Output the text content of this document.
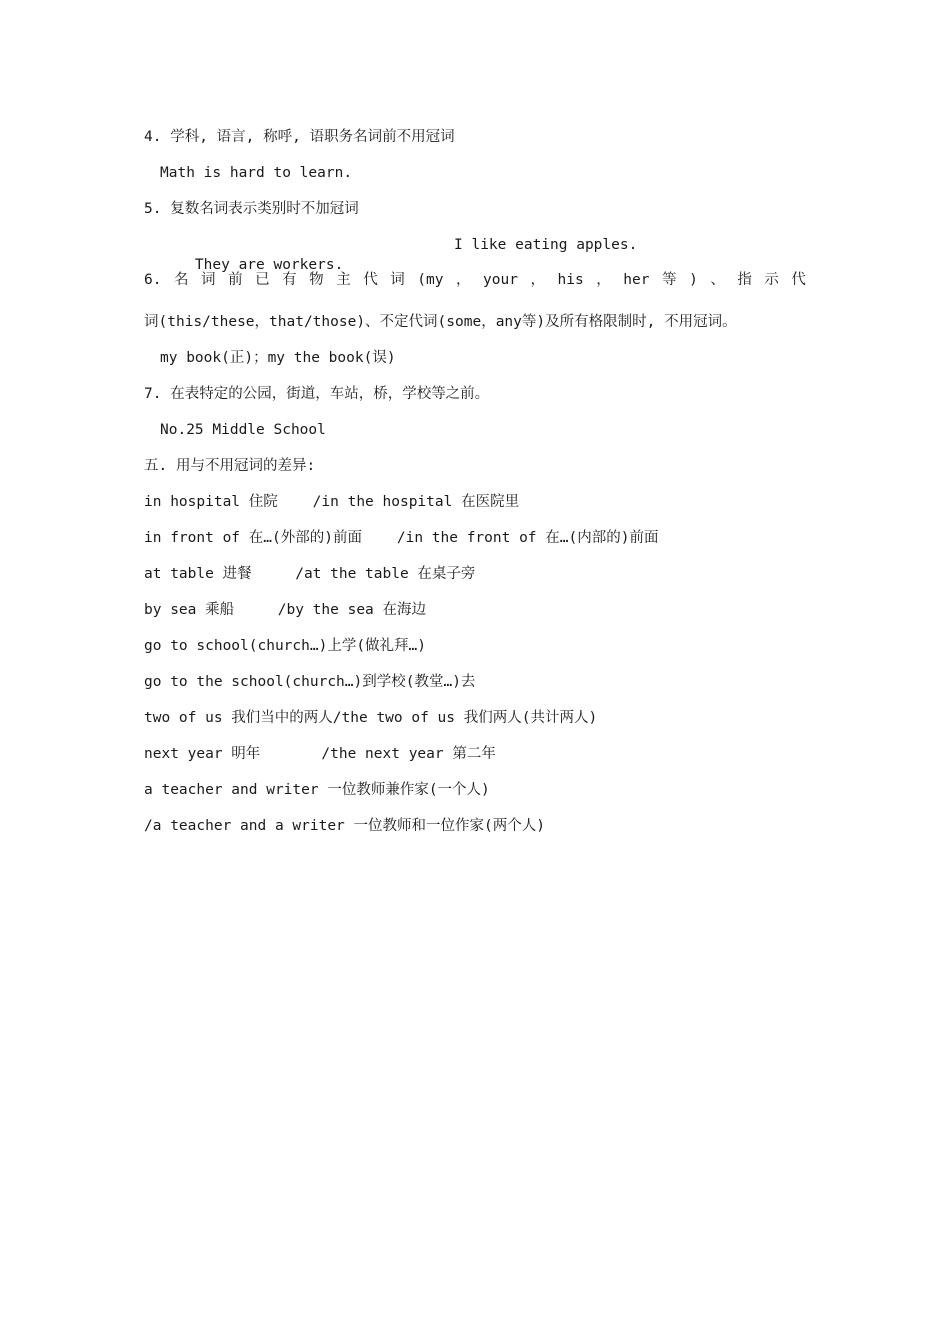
4. 学科, 语言, 称呼, 语职务名词前不用冠词
Math is hard to learn.
5. 复数名词表示类别时不加冠词

They are workers.

I like eating apples.

6. 名 词 前 已 有 物 主 代 词 (my ， your ， his ， her 等 ) 、 指 示 代
词(this/these，that/those)、不定代词(some，any等)及所有格限制时, 不用冠词。
my book(正)；my the book(误)
7. 在表特定的公园，街道，车站，桥，学校等之前。
No.25 Middle School
五. 用与不用冠词的差异:
in hospital 住院    /in the hospital 在医院里
in front of 在…(外部的)前面    /in the front of 在…(内部的)前面
at table 进餐     /at the table 在桌子旁
by sea 乘船     /by the sea 在海边
go to school(church…)上学(做礼拜…)
go to the school(church…)到学校(教堂…)去
two of us 我们当中的两人/the two of us 我们两人(共计两人)
next year 明年       /the next year 第二年
a teacher and writer 一位教师兼作家(一个人)
/a teacher and a writer 一位教师和一位作家(两个人)
